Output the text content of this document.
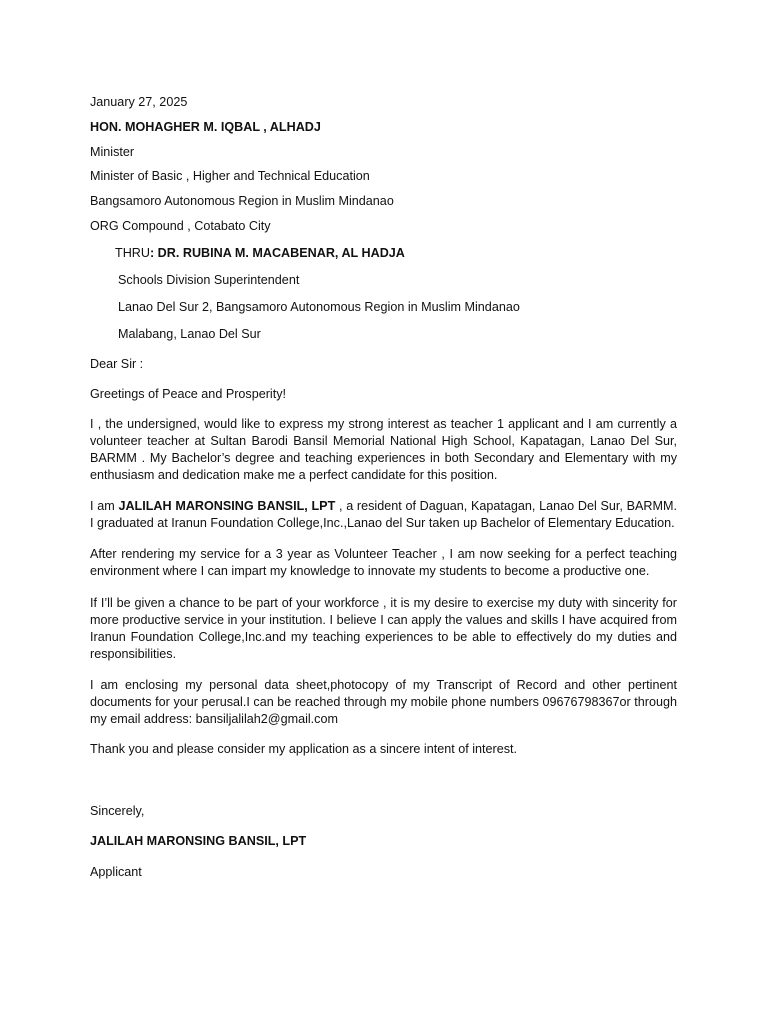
January 27, 2025
HON. MOHAGHER M. IQBAL , ALHADJ
Minister
Minister of Basic , Higher and Technical Education
Bangsamoro Autonomous Region in Muslim Mindanao
ORG Compound , Cotabato City
THRU: DR. RUBINA M. MACABENAR, AL HADJA
Schools Division Superintendent
Lanao Del Sur 2, Bangsamoro Autonomous Region in Muslim Mindanao
Malabang, Lanao Del Sur
Dear Sir :
Greetings of Peace and Prosperity!
I , the undersigned, would like to express my strong interest as teacher 1 applicant and I am currently a volunteer teacher at Sultan Barodi Bansil Memorial National High School, Kapatagan, Lanao Del Sur, BARMM . My Bachelor’s degree and teaching experiences in both Secondary and Elementary with my enthusiasm and dedication make me a perfect candidate for this position.
I am JALILAH MARONSING BANSIL, LPT , a resident of Daguan, Kapatagan, Lanao Del Sur, BARMM. I graduated at Iranun Foundation College,Inc.,Lanao del Sur taken up Bachelor of Elementary Education.
After rendering my service for a 3 year as Volunteer Teacher , I am now seeking for a perfect teaching environment where I can impart my knowledge to innovate my students to become a productive one.
If I’ll be given a chance to be part of your workforce , it is my desire to exercise my duty with sincerity for more productive service in your institution. I believe I can apply the values and skills I have acquired from Iranun Foundation College,Inc.and my teaching experiences to be able to effectively do my duties and responsibilities.
I am enclosing my personal data sheet,photocopy of my Transcript of Record and other pertinent documents for your perusal.I can be reached through my mobile phone numbers 09676798367or through my email address: bansiljalilah2@gmail.com
Thank you and please consider my application as a sincere intent of interest.
Sincerely,
JALILAH MARONSING BANSIL, LPT
Applicant
